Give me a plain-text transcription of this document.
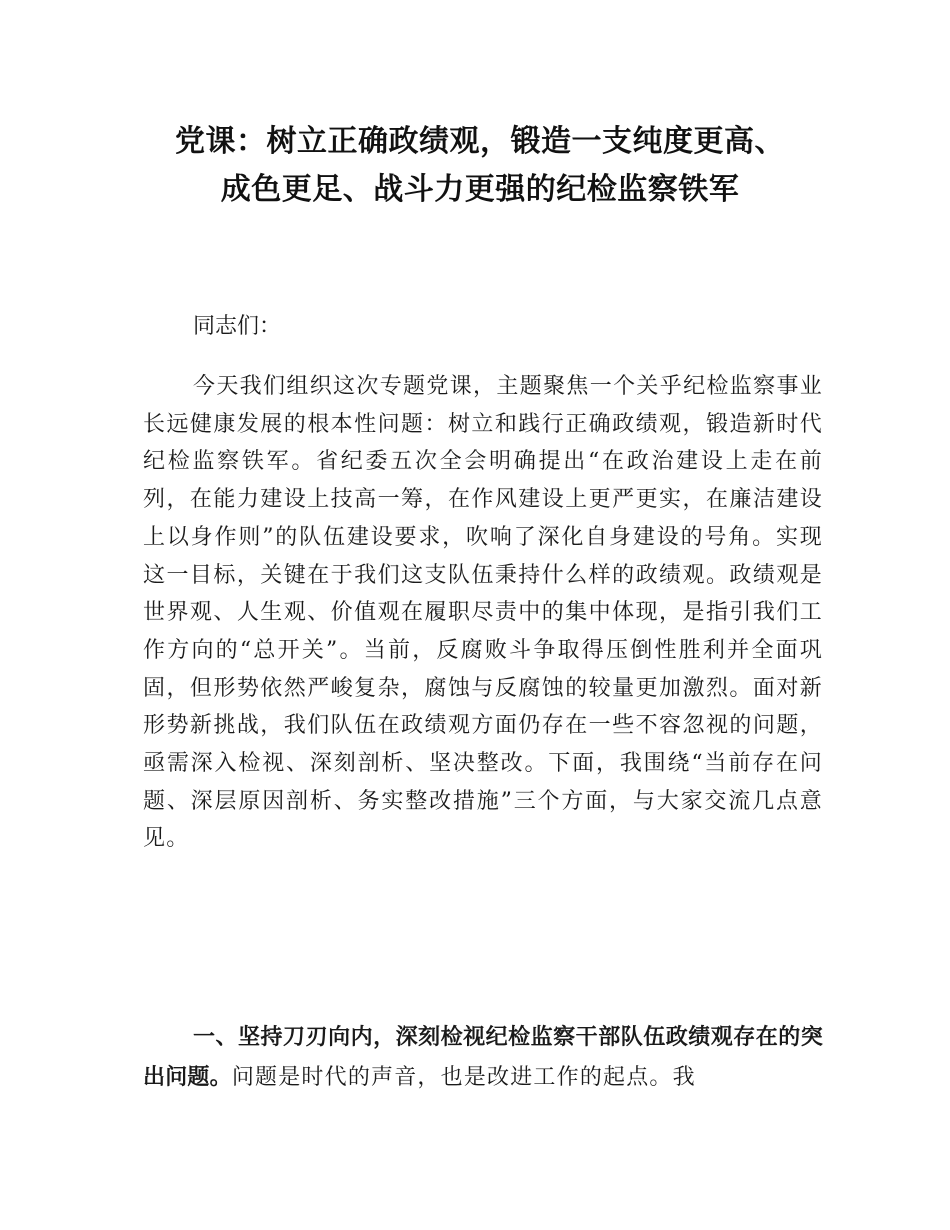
党课：树立正确政绩观，锻造一支纯度更高、
成色更足、战斗力更强的纪检监察铁军
同志们：
今天我们组织这次专题党课，主题聚焦一个关乎纪检监察事业长远健康发展的根本性问题：树立和践行正确政绩观，锻造新时代纪检监察铁军。省纪委五次全会明确提出“在政治建设上走在前列，在能力建设上技高一筹，在作风建设上更严更实，在廉洁建设上以身作则”的队伍建设要求，吹响了深化自身建设的号角。实现这一目标，关键在于我们这支队伍秉持什么样的政绩观。政绩观是世界观、人生观、价值观在履职尽责中的集中体现，是指引我们工作方向的“总开关”。当前，反腐败斗争取得压倒性胜利并全面巩固，但形势依然严峻复杂，腐蚀与反腐蚀的较量更加激烈。面对新形势新挑战，我们队伍在政绩观方面仍存在一些不容忽视的问题，亟需深入检视、深刻剖析、坚决整改。下面，我围绕“当前存在问题、深层原因剖析、务实整改措施”三个方面，与大家交流几点意见。
一、坚持刀刃向内，深刻检视纪检监察干部队伍政绩观存在的突出问题。问题是时代的声音，也是改进工作的起点。我
